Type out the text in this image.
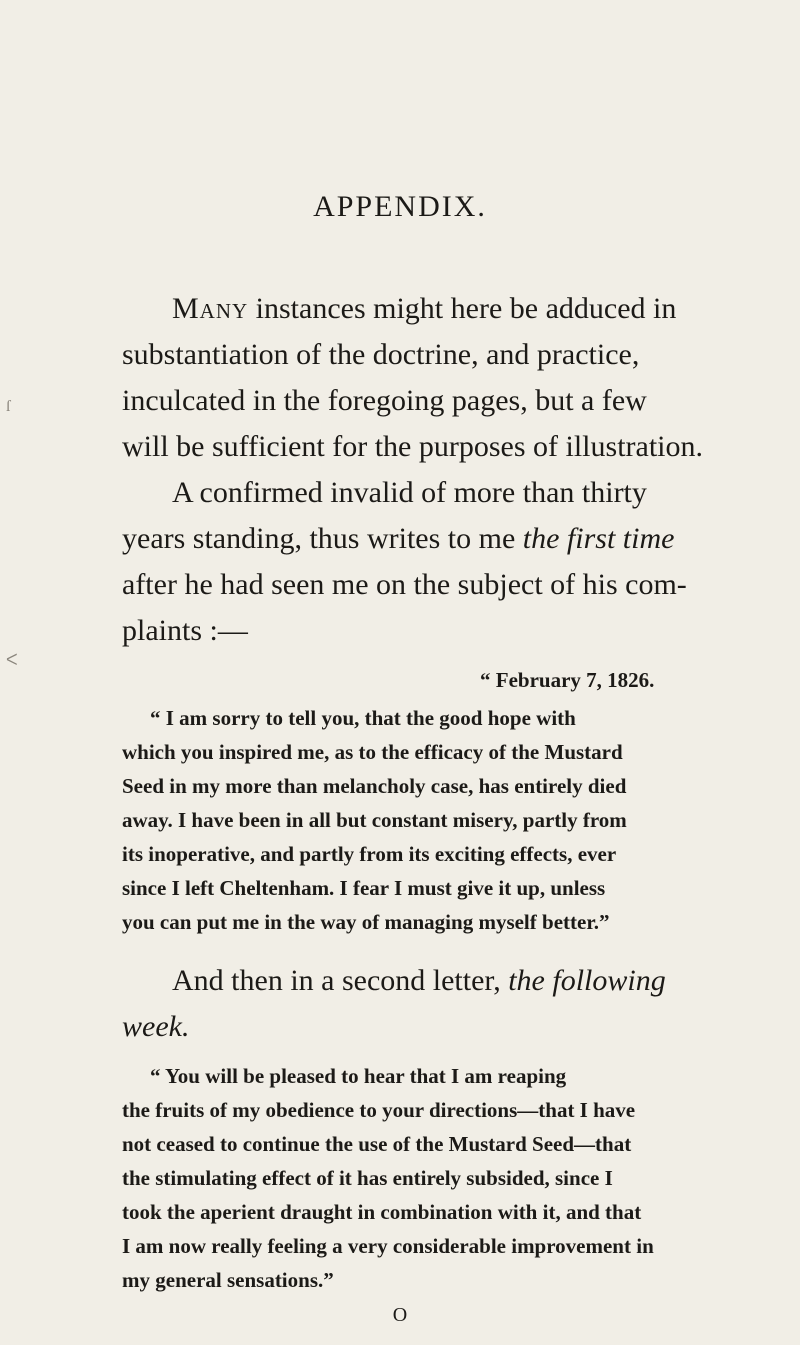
APPENDIX.
Many instances might here be adduced in
substantiation of the doctrine, and practice,
inculcated in the foregoing pages, but a few
will be sufficient for the purposes of illustration.
A confirmed invalid of more than thirty
years standing, thus writes to me the first time
after he had seen me on the subject of his com-
plaints :—
“ February 7, 1826.
“ I am sorry to tell you, that the good hope with
which you inspired me, as to the efficacy of the Mustard
Seed in my more than melancholy case, has entirely died
away. I have been in all but constant misery, partly from
its inoperative, and partly from its exciting effects, ever
since I left Cheltenham. I fear I must give it up, unless
you can put me in the way of managing myself better.”
And then in a second letter, the following
week.
“ You will be pleased to hear that I am reaping
the fruits of my obedience to your directions—that I have
not ceased to continue the use of the Mustard Seed—that
the stimulating effect of it has entirely subsided, since I
took the aperient draught in combination with it, and that
I am now really feeling a very considerable improvement in
my general sensations.”
O
ſ
ᐸ
